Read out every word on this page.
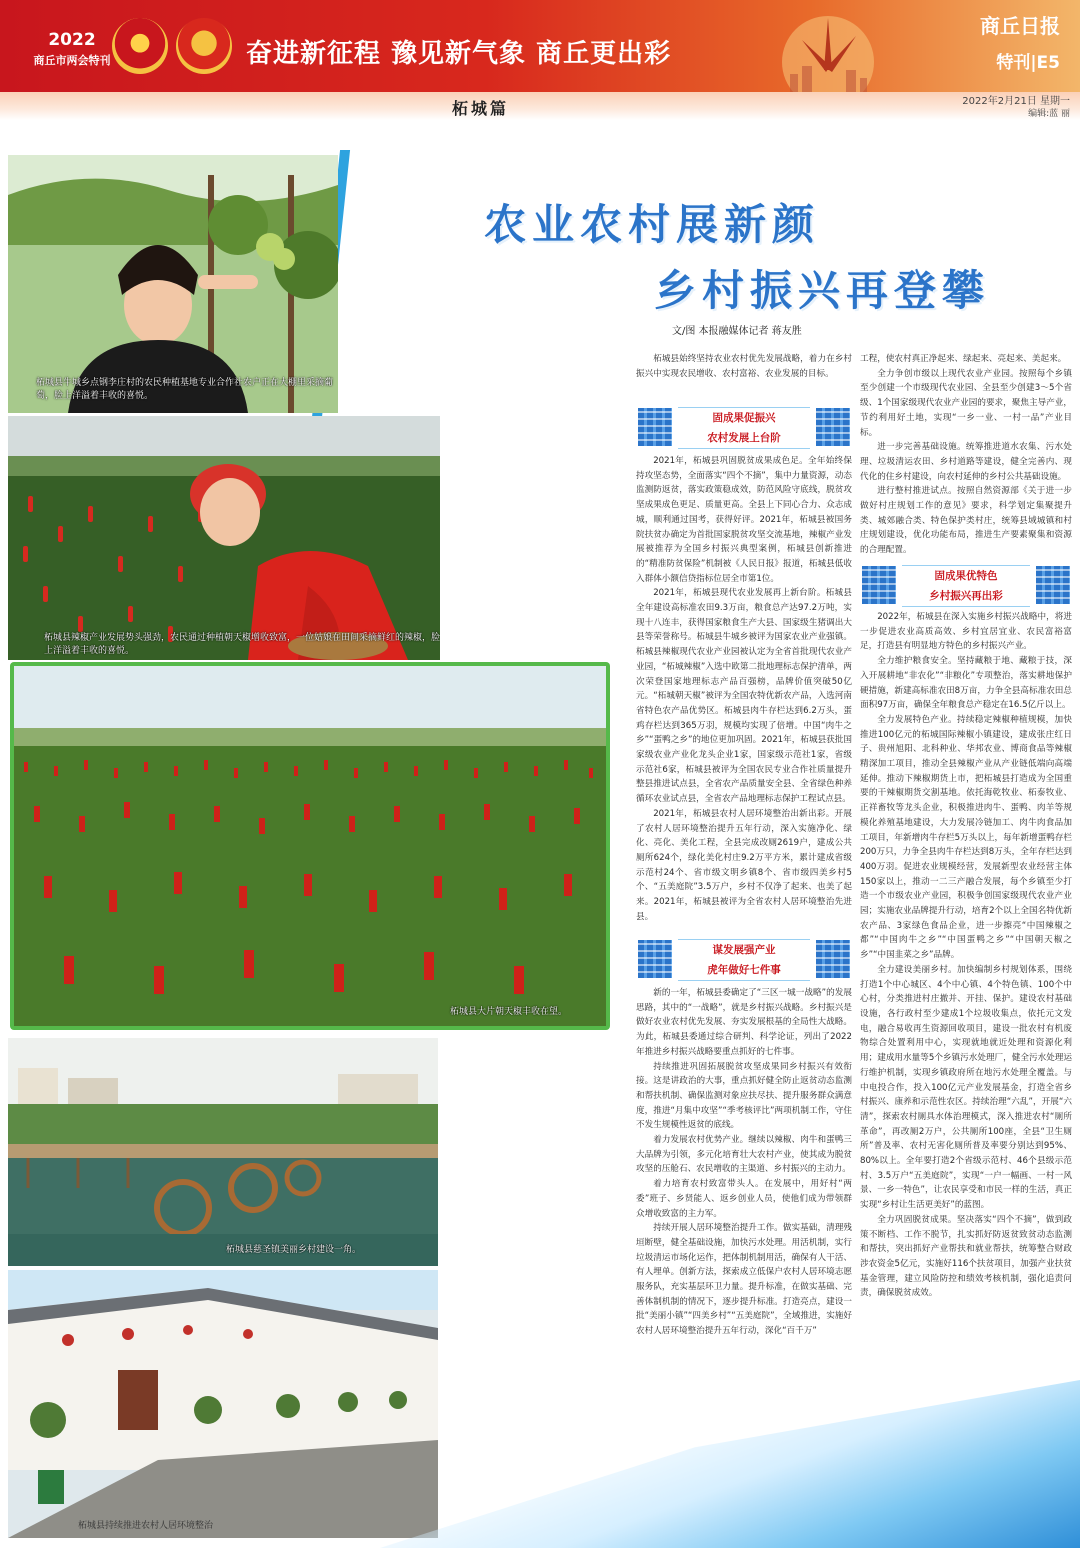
2022
商丘市两会特刊	奋进新征程 豫见新气象 商丘更出彩
商丘日报
特刊|E5
柘城篇	2022年2月21日 星期一
编辑:蓝 丽
柘城县牛城乡点钢李庄村的农民种植基地专业合作社农户正在大棚里采摘葡萄，脸上洋溢着丰收的喜悦。
柘城县辣椒产业发展势头强劲，农民通过种植朝天椒增收致富，一位姑娘在田间采摘鲜红的辣椒，脸上洋溢着丰收的喜悦。
柘城县大片朝天椒丰收在望。
柘城县慈圣镇美丽乡村建设一角。
柘城县持续推进农村人居环境整治
农业农村展新颜
乡村振兴再登攀
文/图 本报融媒体记者 蒋友胜

柘城县始终坚持农业农村优先发展战略，着力在乡村振兴中实现农民增收、农村富裕、农业发展的目标。

固成果促振兴
农村发展上台阶

2021年，柘城县巩固脱贫成果成色足。全年始终保持攻坚态势，全面落实“四个不摘”，集中力量资源，动态监测防返贫，落实政策稳成效，防范风险守底线，脱贫攻坚成果成色更足、质量更高。全县上下同心合力、众志成城，顺利通过国考，获得好评。2021年，柘城县被国务院扶贫办确定为首批国家脱贫攻坚交流基地，辣椒产业发展被推荐为全国乡村振兴典型案例，柘城县创新推进的“精准防贫保险”机制被《人民日报》报道，柘城县低收入群体小额信贷指标位居全市第1位。

2021年，柘城县现代农业发展再上新台阶。柘城县全年建设高标准农田9.3万亩，粮食总产达97.2万吨，实现十八连丰，获得国家粮食生产大县、国家级生猪调出大县等荣誉称号。柘城县牛城乡被评为国家农业产业强镇。柘城县辣椒现代农业产业园被认定为全省首批现代农业产业园，“柘城辣椒”入选中欧第二批地理标志保护清单，两次荣登国家地理标志产品百强榜，品牌价值突破50亿元。“柘城朝天椒”被评为全国农特优新农产品，入选河南省特色农产品优势区。柘城县肉牛存栏达到6.2万头，蛋鸡存栏达到365万羽，规模均实现了倍增。中国“肉牛之乡”“蛋鸭之乡”的地位更加巩固。2021年，柘城县获批国家级农业产业化龙头企业1家，国家级示范社1家，省级示范社6家，柘城县被评为全国农民专业合作社质量提升整县推进试点县，全省农产品质量安全县、全省绿色种养循环农业试点县，全省农产品地理标志保护工程试点县。

2021年，柘城县农村人居环境整治出新出彩。开展了农村人居环境整治提升五年行动，深入实施净化、绿化、亮化、美化工程，全县完成改厕2619户，建成公共厕所624个，绿化美化村庄9.2万平方米，累计建成省级示范村24个、省市级文明乡镇8个、省市级四美乡村5个、“五美庭院”3.5万户，乡村不仅净了起来、也美了起来。2021年，柘城县被评为全省农村人居环境整治先进县。

谋发展强产业
虎年做好七件事

新的一年，柘城县委确定了“三区一城一战略”的发展思路，其中的“一战略”，就是乡村振兴战略。乡村振兴是做好农业农村优先发展、夯实发展根基的全局性大战略。为此，柘城县委通过综合研判、科学论证，列出了2022年推进乡村振兴战略要重点抓好的七件事。

持续推进巩固拓展脱贫攻坚成果同乡村振兴有效衔接。这是讲政治的大事，重点抓好健全防止返贫动态监测和帮扶机制、确保监测对象应扶尽扶、提升服务群众满意度，推进“月集中攻坚”“季考核评比”两项机制工作，守住不发生规模性返贫的底线。

着力发展农村优势产业。继续以辣椒、肉牛和蛋鸭三大品牌为引领，多元化培育壮大农村产业，使其成为脱贫攻坚的压舱石、农民增收的主渠道、乡村振兴的主动力。

着力培育农村致富带头人。在发展中，用好村“两委”班子、乡贤能人、返乡创业人员，使他们成为带领群众增收致富的主力军。

持续开展人居环境整治提升工作。做实基础，清理残垣断壁，健全基础设施，加快污水处理。用活机制，实行垃圾清运市场化运作，把体制机制用活，确保有人干活、有人埋单。创新方法，探索成立低保户农村人居环境志愿服务队，充实基层环卫力量。提升标准，在做实基础、完善体制机制的情况下，逐步提升标准。打造亮点，建设一批“美丽小镇”“四美乡村”“五美庭院”，全域推进，实施好农村人居环境整治提升五年行动，深化“百千万”

工程，使农村真正净起来、绿起来、亮起来、美起来。

全力争创市级以上现代农业产业园。按照每个乡镇至少创建一个市级现代农业园、全县至少创建3～5个省级、1个国家级现代农业产业园的要求，聚焦主导产业，节约利用好土地，实现“一乡一业、一村一品”产业目标。

进一步完善基础设施。统筹推进道水农集、污水处理、垃圾清运农田、乡村道路等建设，健全完善内、现代化的住乡村建设，向农村延伸的乡村公共基础设施。

进行整村推进试点。按照自然资源部《关于进一步做好村庄规划工作的意见》要求，科学划定集聚提升类、城郊融合类、特色保护类村庄，统筹县域城镇和村庄规划建设，优化功能布局，推进生产要素聚集和资源的合理配置。

固成果优特色
乡村振兴再出彩

2022年，柘城县在深入实施乡村振兴战略中，将进一步促进农业高质高效、乡村宜居宜业、农民富裕富足，打造县有明显地方特色的乡村振兴产业。

全力维护粮食安全。坚持藏粮于地、藏粮于技，深入开展耕地“非农化”“非粮化”专项整治，落实耕地保护硬措施，新建高标准农田8万亩，力争全县高标准农田总面积97万亩，确保全年粮食总产稳定在16.5亿斤以上。

全力发展特色产业。持续稳定辣椒种植规模，加快推进100亿元的柘城国际辣椒小镇建设，建成张庄红日子、贵州旭阳、北科种业、华邦农业、博商食品等辣椒精深加工项目，推动全县辣椒产业从产业链低端向高端延伸。推动下辣椒期货上市，把柘城县打造成为全国重要的干辣椒期货交割基地。依托海乾牧业、柘泰牧业、正祥畜牧等龙头企业，积极推进肉牛、蛋鸭、肉羊等规模化养殖基地建设，大力发展冷链加工、肉牛肉食品加工项目，年新增肉牛存栏5万头以上，每年新增蛋鸭存栏200万只，力争全县肉牛存栏达到8万头，全年存栏达到400万羽。促进农业规模经营，发展新型农业经营主体150家以上，推动一二三产融合发展，每个乡镇至少打造一个市级农业产业园，积极争创国家级现代农业产业园；实施农业品牌提升行动，培育2个以上全国名特优新农产品、3家绿色食品企业，进一步擦亮“中国辣椒之都”“中国肉牛之乡”“中国蛋鸭之乡”“中国朝天椒之乡”“中国韭菜之乡”品牌。

全力建设美丽乡村。加快编制乡村规划体系，围绕打造1个中心城区、4个中心镇、4个特色镇、100个中心村，分类推进村庄撤并、开挂、保护。建设农村基础设施，各行政村至少建成1个垃圾收集点，依托元文发电，融合易收再生资源回收项目，建设一批农村有机废物综合处置利用中心，实现就地就近处理和资源化利用；建成用水量等5个乡镇污水处理厂，健全污水处理运行维护机制，实现乡镇政府所在地污水处理全覆盖。与中电投合作，投入100亿元产业发展基金，打造全省乡村振兴、康养和示范性农区。持续治理“六乱”，开展“六清”，探索农村厕具水体治理模式，深入推进农村“厕所革命”，再改厕2万户，公共厕所100座，全县“卫生厕所”普及率、农村无害化厕所普及率要分别达到95%、80%以上。全年要打造2个省级示范村、46个县级示范村、3.5万户“五美庭院”，实现“一户一幅画、一村一风景、一乡一特色”，让农民享受和市民一样的生活，真正实现“乡村让生活更美好”的蓝图。

全力巩固脱贫成果。坚决落实“四个不摘”，做到政策不断档、工作不脱节，扎实抓好防返贫致贫动态监测和帮扶，突出抓好产业帮扶和就业帮扶，统筹整合财政涉农资金5亿元，实施好116个扶贫项目，加强产业扶贫基金管理，建立风险防控和绩效考核机制，强化追责问责，确保脱贫成效。
